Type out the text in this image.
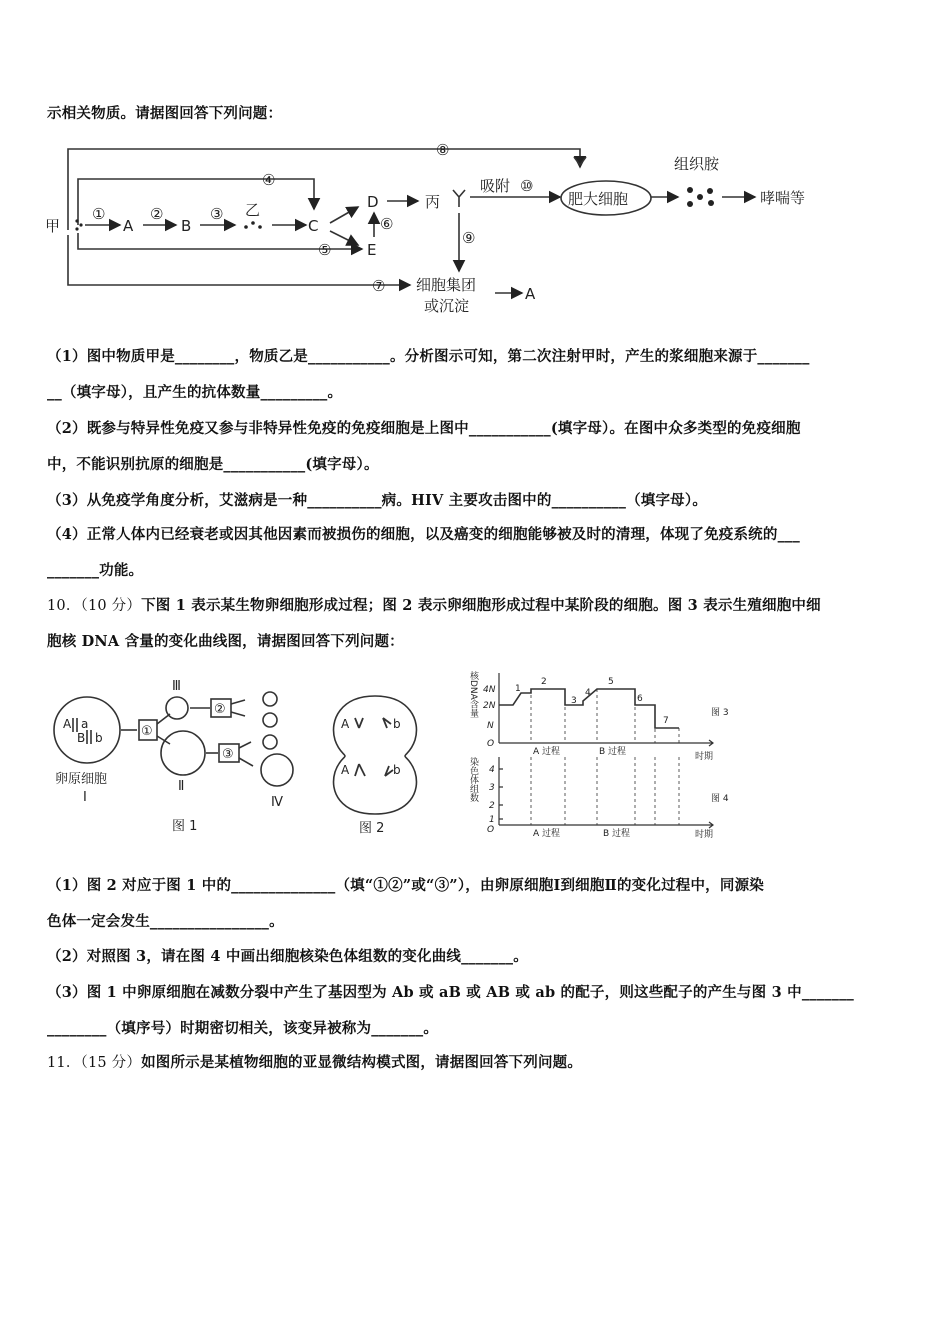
示相关物质。请据图回答下列问题：
甲	A	B
乙
C
D
E
丙	肥大细胞
组织胺
哮喘等
细胞集团
或沉淀
A
吸附
①	②	③
④
⑤
⑥
⑦
⑧
⑨
⑩
（1）图中物质甲是________，物质乙是___________。分析图示可知，第二次注射甲时，产生的浆细胞来源于_______
__（填字母），且产生的抗体数量_________。
（2）既参与特异性免疫又参与非特异性免疫的免疫细胞是上图中___________(填字母）。在图中众多类型的免疫细胞
中，不能识别抗原的细胞是___________(填字母）。
（3）从免疫学角度分析，艾滋病是一种__________病。HIV 主要攻击图中的__________（填字母）。
（4）正常人体内已经衰老或因其他因素而被损伤的细胞，以及癌变的细胞能够被及时的清理，体现了免疫系统的___
_______功能。
10．（10 分）下图 1 表示某生物卵细胞形成过程；图 2 表示卵细胞形成过程中某阶段的细胞。图 3 表示生殖细胞中细
胞核 DNA 含量的变化曲线图，请据图回答下列问题：
A a
B b	①
②
③
Ⅲ
Ⅱ
Ⅳ
卵原细胞
Ⅰ
图 1
A	b
A	b
图 2
4N
2N
N
O
4
3
2
1
O
核DNA含量
染色体组数
1
2
3
4
5
6
7
A 过程	B 过程	时期
图 3
A 过程	B 过程	时期
图 4
（1）图 2 对应于图 1 中的______________（填“①②”或“③”），由卵原细胞Ⅰ到细胞Ⅱ的变化过程中，同源染
色体一定会发生________________。
（2）对照图 3，请在图 4 中画出细胞核染色体组数的变化曲线_______。
（3）图 1 中卵原细胞在减数分裂中产生了基因型为 Ab 或 aB 或 AB 或 ab 的配子，则这些配子的产生与图 3 中_______
________（填序号）时期密切相关，该变异被称为_______。
11．（15 分）如图所示是某植物细胞的亚显微结构模式图，请据图回答下列问题。
